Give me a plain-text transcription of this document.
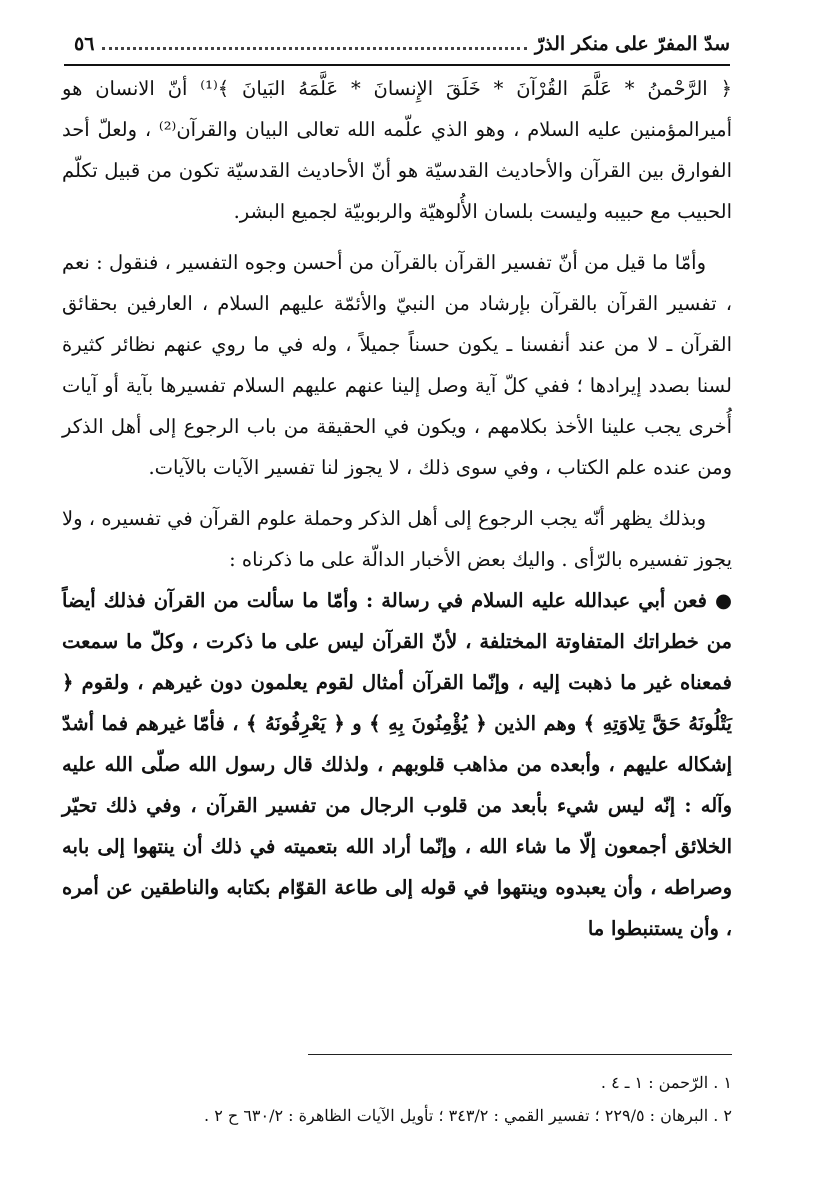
سدّ المفرّ على منكر الذرّ
٥٦

﴿ الرَّحْمنُ * عَلَّمَ القُرْآنَ * خَلَقَ الإِنسانَ * عَلَّمَهُ البَيانَ ﴾⁽¹⁾ أنّ الانسان هو أميرالمؤمنين عليه السلام ، وهو الذي علّمه الله تعالى البيان والقرآن⁽²⁾ ، ولعلّ أحد الفوارق بين القرآن والأحاديث القدسيّة هو أنّ الأحاديث القدسيّة تكون من قبيل تكلّم الحبيب مع حبيبه وليست بلسان الأُلوهيّة والربوبيّة لجميع البشر.

وأمّا ما قيل من أنّ تفسير القرآن بالقرآن من أحسن وجوه التفسير ، فنقول : نعم ، تفسير القرآن بالقرآن بإرشاد من النبيّ والأئمّة عليهم السلام ، العارفين بحقائق القرآن ـ لا من عند أنفسنا ـ يكون حسناً جميلاً ، وله في ما روي عنهم نظائر كثيرة لسنا بصدد إيرادها ؛ ففي كلّ آية وصل إلينا عنهم عليهم السلام تفسيرها بآية أو آيات أُخرى يجب علينا الأخذ بكلامهم ، ويكون في الحقيقة من باب الرجوع إلى أهل الذكر ومن عنده علم الكتاب ، وفي سوى ذلك ، لا يجوز لنا تفسير الآيات بالآيات.

وبذلك يظهر أنّه يجب الرجوع إلى أهل الذكر وحملة علوم القرآن في تفسيره ، ولا يجوز تفسيره بالرّأى . واليك بعض الأخبار الدالّة على ما ذكرناه :

● فعن أبي عبدالله عليه السلام في رسالة : وأمّا ما سألت من القرآن فذلك أيضاً من خطراتك المتفاوتة المختلفة ، لأنّ القرآن ليس على ما ذكرت ، وكلّ ما سمعت فمعناه غير ما ذهبت إليه ، وإنّما القرآن أمثال لقوم يعلمون دون غيرهم ، ولقوم ﴿ يَتْلُونَهُ حَقَّ تِلاوَتِهِ ﴾ وهم الذين ﴿ يُؤْمِنُونَ بِهِ ﴾ و ﴿ يَعْرِفُونَهُ ﴾ ، فأمّا غيرهم فما أشدّ إشكاله عليهم ، وأبعده من مذاهب قلوبهم ، ولذلك قال رسول الله صلّى الله عليه وآله : إنّه ليس شيء بأبعد من قلوب الرجال من تفسير القرآن ، وفي ذلك تحيّر الخلائق أجمعون إلّا ما شاء الله ، وإنّما أراد الله بتعميته في ذلك أن ينتهوا إلى بابه وصراطه ، وأن يعبدوه وينتهوا في قوله إلى طاعة القوّام بكتابه والناطقين عن أمره ، وأن يستنبطوا ما

١ . الرّحمن : ١ ـ ٤ .
٢ . البرهان : ٢٢٩/٥ ؛ تفسير القمي : ٣٤٣/٢ ؛ تأويل الآيات الظاهرة : ٦٣٠/٢ ح ٢ .
